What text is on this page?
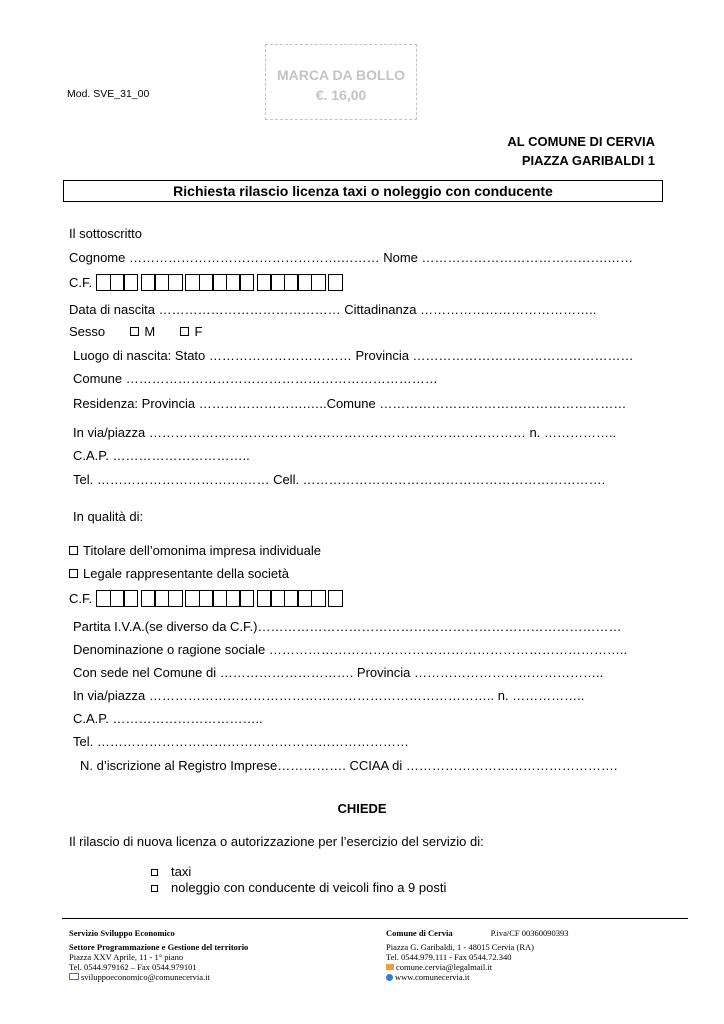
Mod. SVE_31_00
MARCA DA BOLLO
€. 16,00
AL COMUNE DI CERVIA
PIAZZA GARIBALDI 1
Richiesta rilascio licenza taxi o noleggio con conducente
Il sottoscritto
Cognome ………………………………………….……… Nome …………………………………….……
C.F.
Data di nascita …………………………………… Cittadinanza …………………………………..
Sesso	M	F
Luogo di nascita: Stato …………………………… Provincia ……………………………………………
Comune ………………………………………………………………
Residenza: Provincia …………………….…..Comune …………………………………………………
In via/piazza …………………………………………………………………………… n. ……………..
C.A.P. …………………………..
Tel. …………………………….…… Cell. …………………………………………………………….
In qualità di:
Titolare dell’omonima impresa individuale
Legale rappresentante della società
C.F.
Partita I.V.A.(se diverso da C.F.)…………………………………………………………………………
Denominazione o ragione sociale ………………………………………………………………………..
Con sede nel Comune di …………………………. Provincia ……………………………………..
In via/piazza …………………………………………………………………….. n. ……………..
C.A.P. ……………………………..
Tel. ………………………………………………………………
N. d’iscrizione al Registro Imprese……………. CCIAA di ………………………………………….
CHIEDE
Il rilascio di nuova licenza o autorizzazione per l’esercizio del servizio di:
taxi
noleggio con conducente di veicoli fino a 9 posti
Servizio Sviluppo Economico
Settore Programmazione e Gestione del territorio
Piazza XXV Aprile, 11 - 1° piano
Tel. 0544.979162 – Fax 0544.979101
sviluppoeconomico@comunecervia.it
Comune di Cervia	P.iva/CF 00360090393
Piazza G. Garibaldi, 1 - 48015 Cervia (RA)
Tel. 0544.979.111 - Fax 0544.72.340
comune.cervia@legalmail.it
www.comunecervia.it
